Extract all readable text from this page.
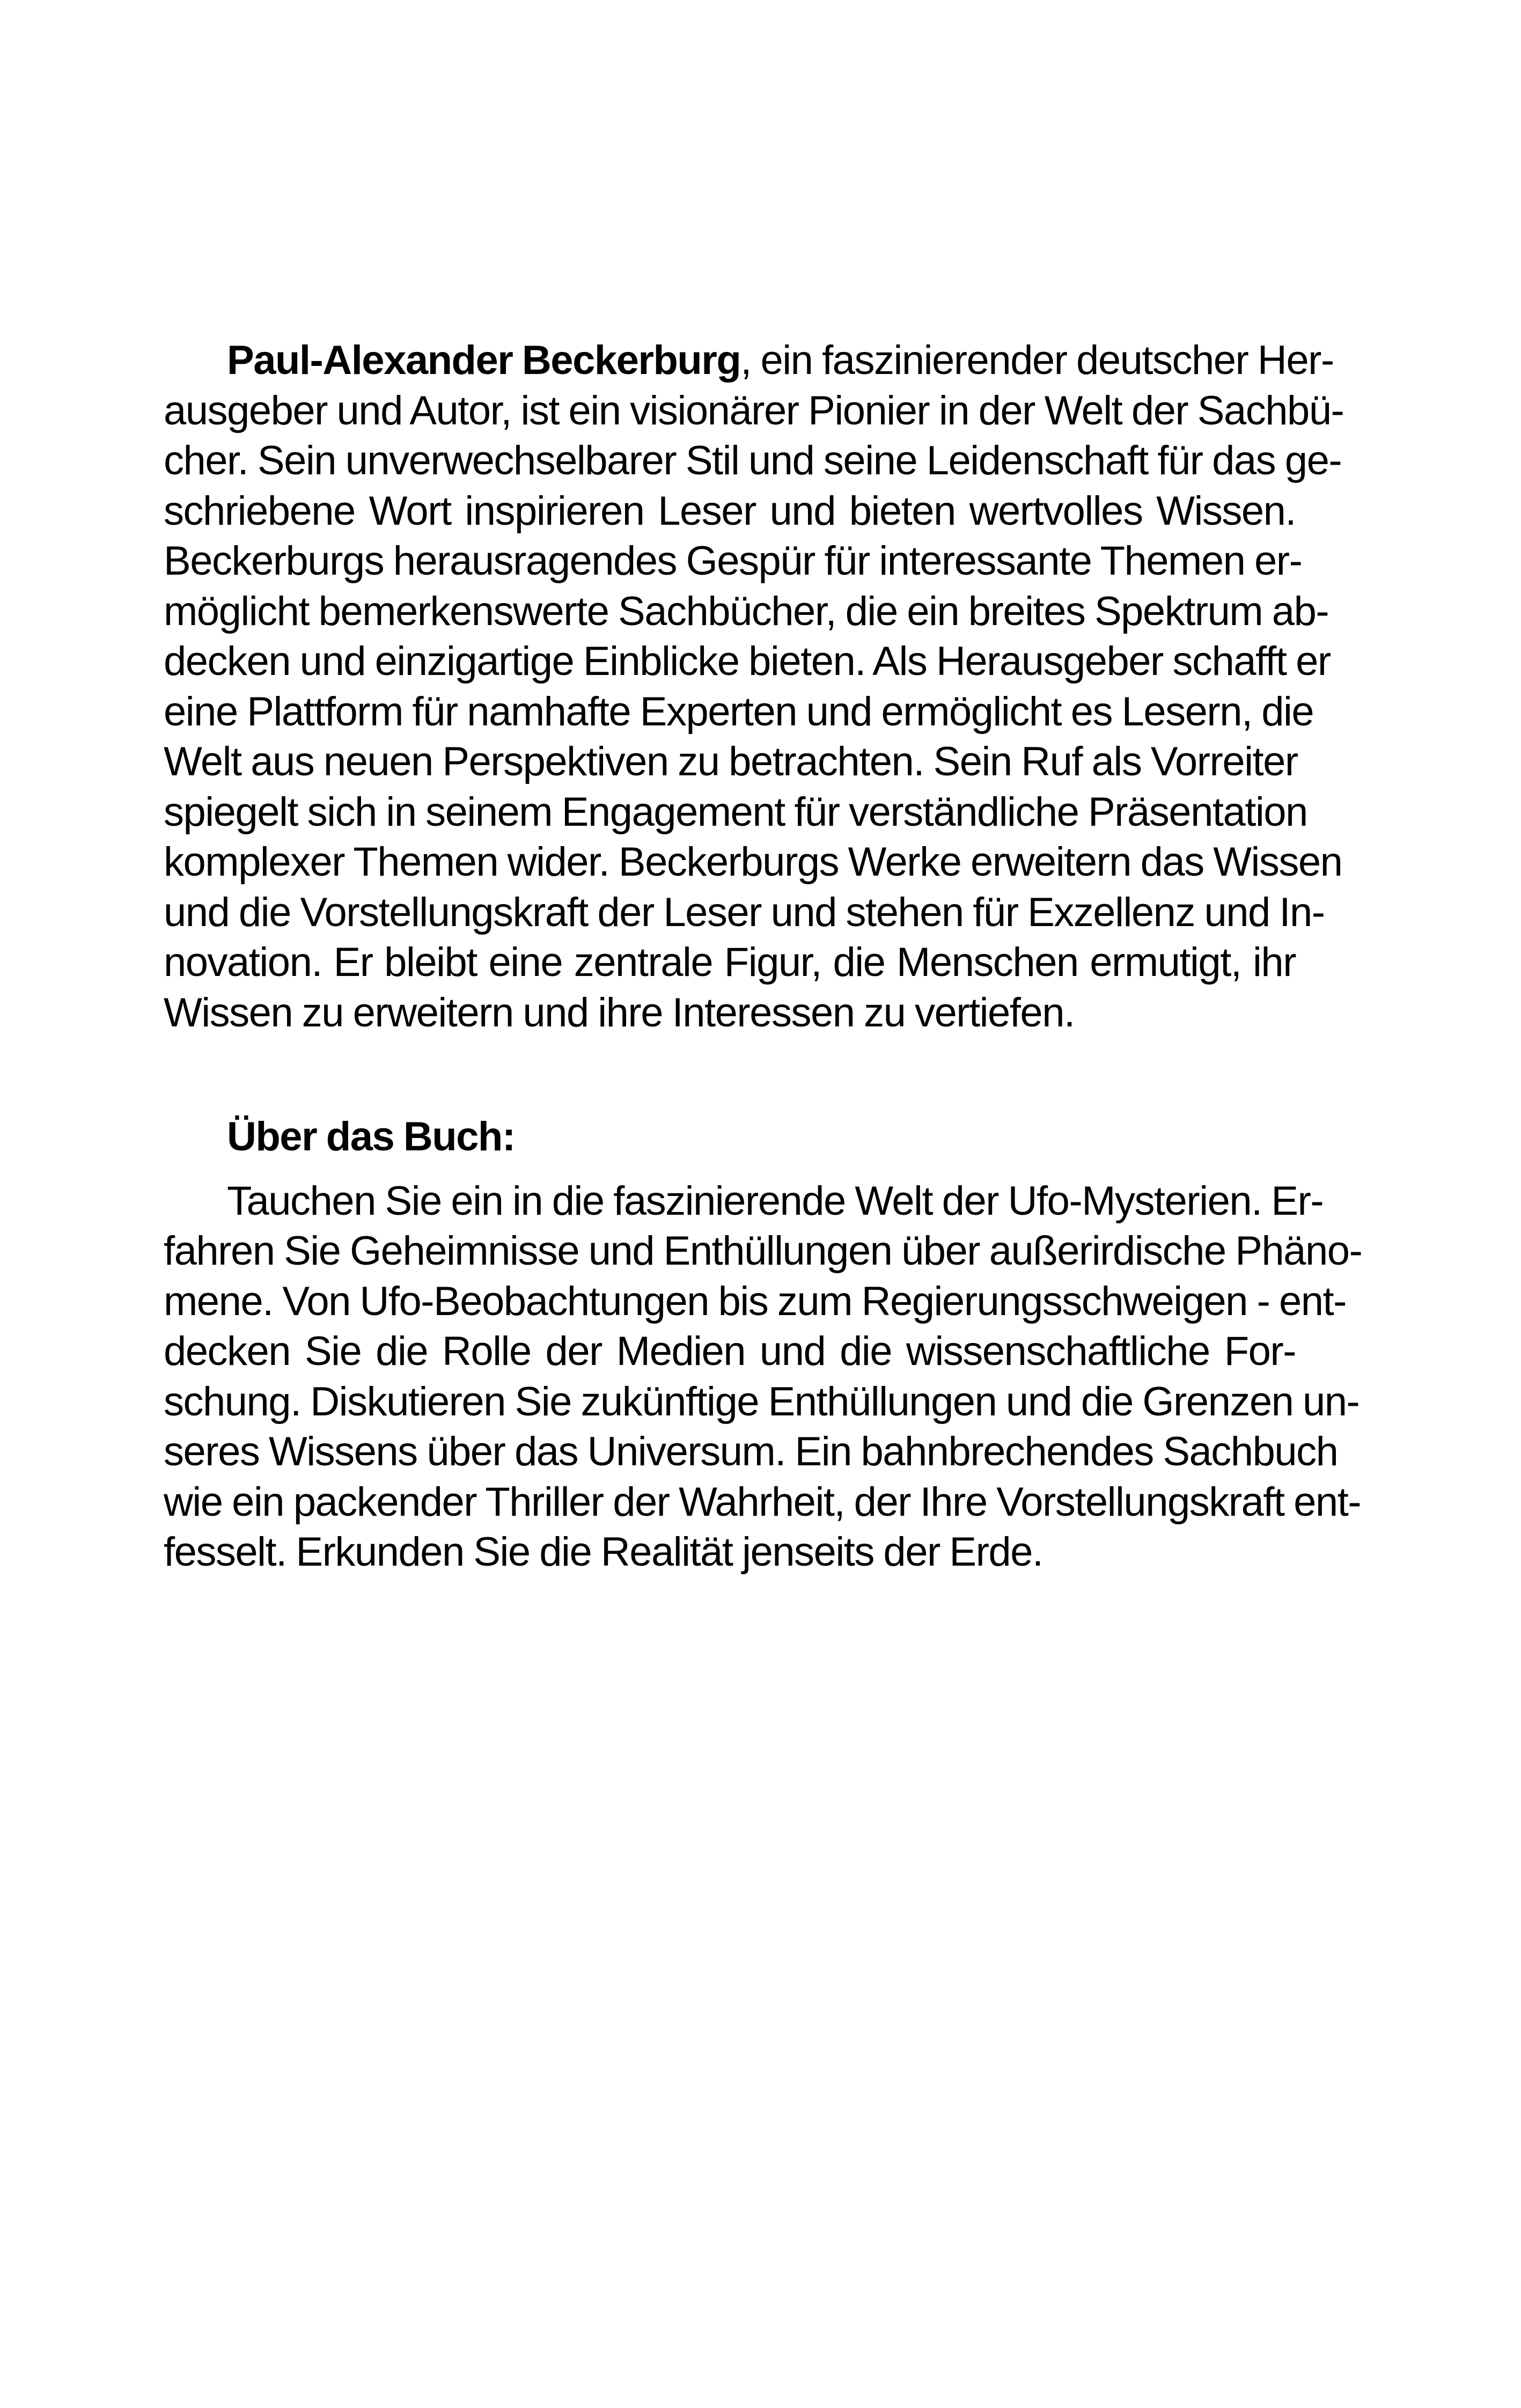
Paul-Alexander Beckerburg, ein faszinierender deutscher Her-
ausgeber und Autor, ist ein visionärer Pionier in der Welt der Sachbü-
cher. Sein unverwechselbarer Stil und seine Leidenschaft für das ge-
schriebene Wort inspirieren Leser und bieten wertvolles Wissen.
Beckerburgs herausragendes Gespür für interessante Themen er-
möglicht bemerkenswerte Sachbücher, die ein breites Spektrum ab-
decken und einzigartige Einblicke bieten. Als Herausgeber schafft er
eine Plattform für namhafte Experten und ermöglicht es Lesern, die
Welt aus neuen Perspektiven zu betrachten. Sein Ruf als Vorreiter
spiegelt sich in seinem Engagement für verständliche Präsentation
komplexer Themen wider. Beckerburgs Werke erweitern das Wissen
und die Vorstellungskraft der Leser und stehen für Exzellenz und In-
novation. Er bleibt eine zentrale Figur, die Menschen ermutigt, ihr
Wissen zu erweitern und ihre Interessen zu vertiefen.
Über das Buch:
Tauchen Sie ein in die faszinierende Welt der Ufo-Mysterien. Er-
fahren Sie Geheimnisse und Enthüllungen über außerirdische Phäno-
mene. Von Ufo-Beobachtungen bis zum Regierungsschweigen - ent-
decken Sie die Rolle der Medien und die wissenschaftliche For-
schung. Diskutieren Sie zukünftige Enthüllungen und die Grenzen un-
seres Wissens über das Universum. Ein bahnbrechendes Sachbuch
wie ein packender Thriller der Wahrheit, der Ihre Vorstellungskraft ent-
fesselt. Erkunden Sie die Realität jenseits der Erde.
